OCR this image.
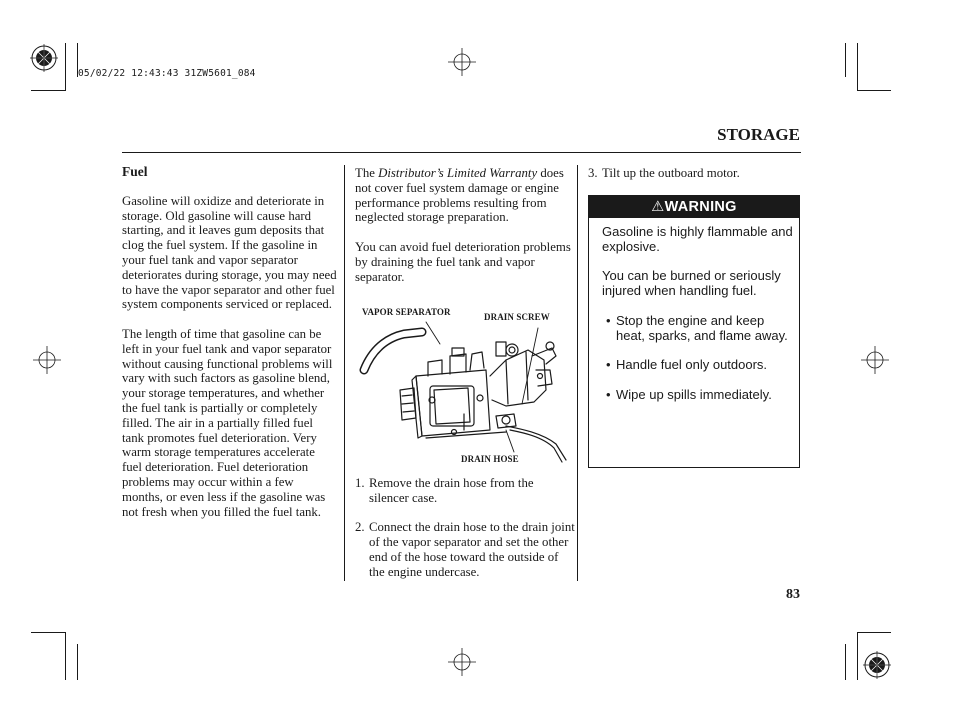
05/02/22 12:43:43 31ZW5601_084
STORAGE

Fuel

Gasoline will oxidize and deteriorate in storage. Old gasoline will cause hard starting, and it leaves gum deposits that clog the fuel system. If the gasoline in your fuel tank and vapor separator deteriorates during storage, you may need to have the vapor separator and other fuel system components serviced or replaced.

The length of time that gasoline can be left in your fuel tank and vapor separator without causing functional problems will vary with such factors as gasoline blend, your storage temperatures, and whether the fuel tank is partially or completely filled. The air in a partially filled fuel tank promotes fuel deterioration. Very warm storage temperatures accelerate fuel deterioration. Fuel deterioration problems may occur within a few months, or even less if the gasoline was not fresh when you filled the fuel tank.

The Distributor’s Limited Warranty does not cover fuel system damage or engine performance problems resulting from neglected storage preparation.

You can avoid fuel deterioration problems by draining the fuel tank and vapor separator.

VAPOR SEPARATOR	DRAIN SCREW
DRAIN HOSE
1. Remove the drain hose from the silencer case.
2. Connect the drain hose to the drain joint of the vapor separator and set the other end of the hose toward the outside of the engine undercase.
3. Tilt up the outboard motor.
⚠WARNING

Gasoline is highly flammable and explosive.

You can be burned or seriously injured when handling fuel.

• Stop the engine and keep heat, sparks, and flame away.
• Handle fuel only outdoors.
• Wipe up spills immediately.
83
